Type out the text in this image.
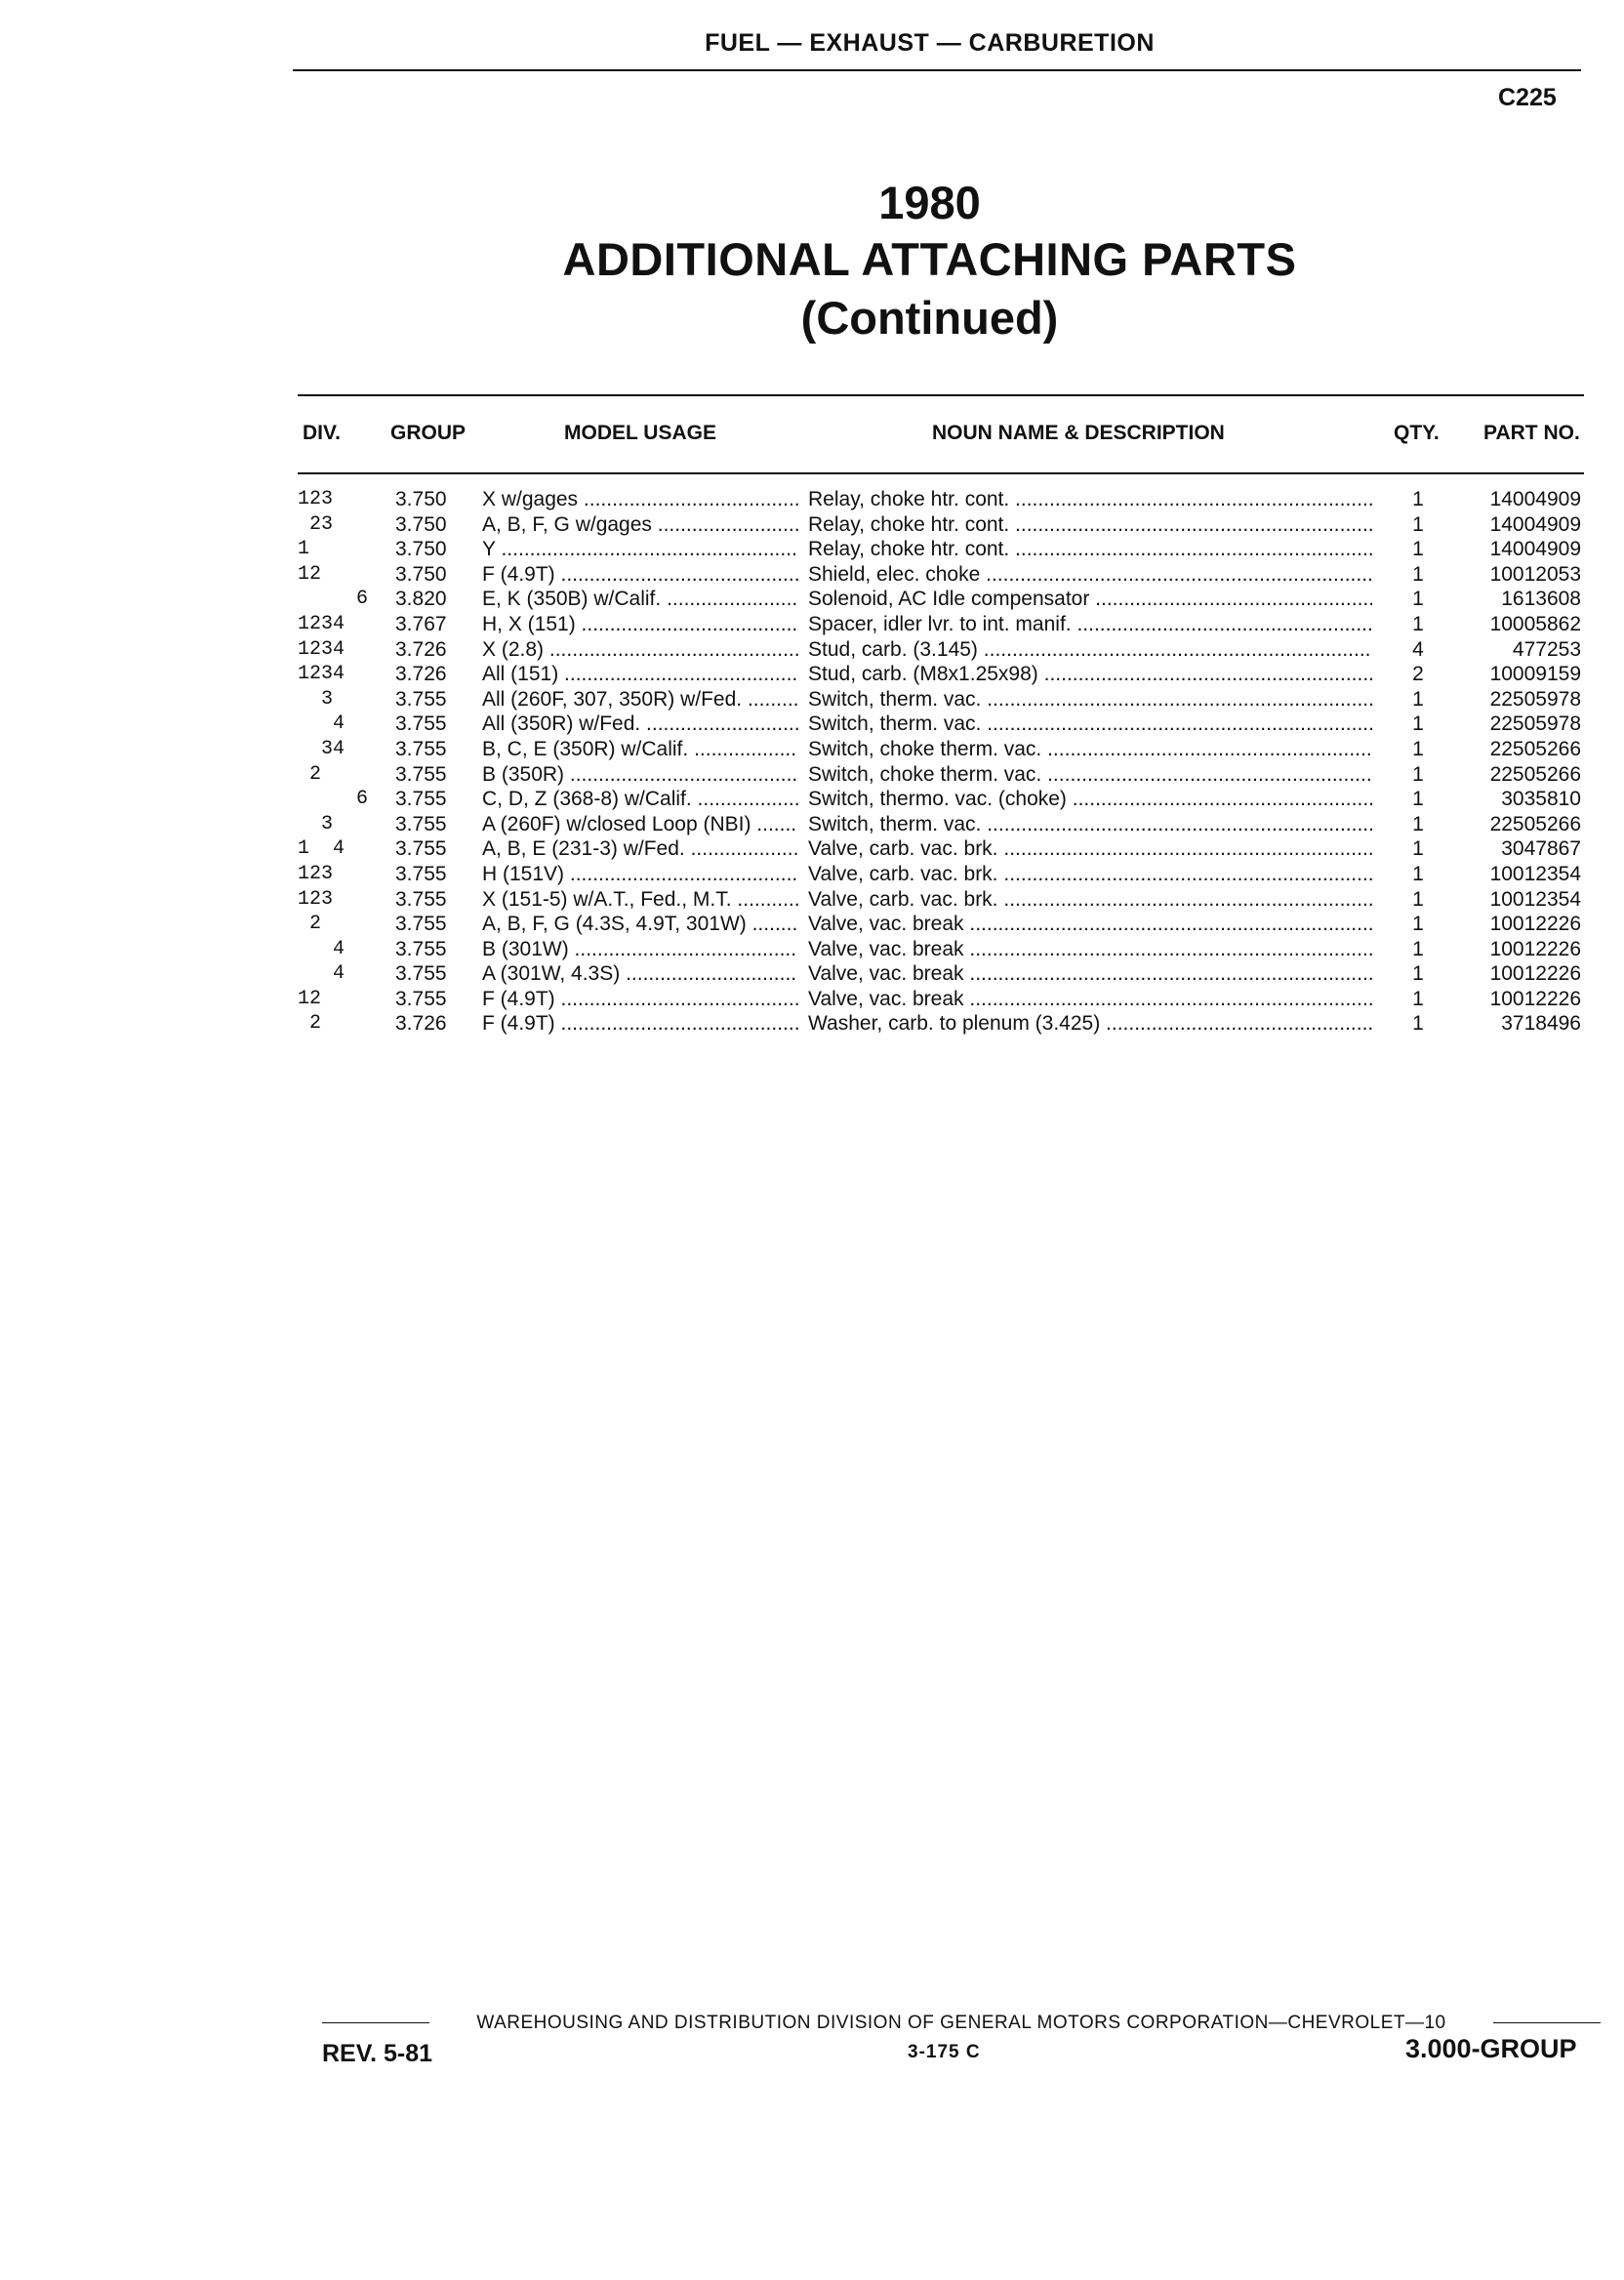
FUEL — EXHAUST — CARBURETION
C225
1980
ADDITIONAL ATTACHING PARTS
(Continued)
DIV. GROUP	MODEL USAGE	NOUN NAME & DESCRIPTION	QTY. PART NO.
123	3.750 X w/gages .....	Relay, choke htr. cont. .....	1	14004909
23	3.750 A, B, F, G w/gages .....	Relay, choke htr. cont. .....	1	14004909
1	3.750 Y .....	Relay, choke htr. cont. .....	1	14004909
12	3.750 F (4.9T) .....	Shield, elec. choke .....	1	10012053
6 3.820 E, K (350B) w/Calif. .....	Solenoid, AC Idle compensator .....	1	1613608
1234	3.767 H, X (151) .....	Spacer, idler lvr. to int. manif. .....	1	10005862
1234	3.726 X (2.8) .....	Stud, carb. (3.145) .....	4	477253
1234	3.726 All (151) .....	Stud, carb. (M8x1.25x98) .....	2	10009159
3	3.755 All (260F, 307, 350R) w/Fed. .....	Switch, therm. vac. .....	1	22505978
4	3.755 All (350R) w/Fed. .....	Switch, therm. vac. .....	1	22505978
34	3.755 B, C, E (350R) w/Calif. .....	Switch, choke therm. vac. .....	1	22505266
2	3.755 B (350R) .....	Switch, choke therm. vac. .....	1	22505266
6 3.755 C, D, Z (368-8) w/Calif. .....	Switch, thermo. vac. (choke) .....	1	3035810
3	3.755 A (260F) w/closed Loop (NBI) .....	Switch, therm. vac. .....	1	22505266
1  4	3.755 A, B, E (231-3) w/Fed. .....	Valve, carb. vac. brk. .....	1	3047867
123	3.755 H (151V) .....	Valve, carb. vac. brk. .....	1	10012354
123	3.755 X (151-5) w/A.T., Fed., M.T. .....	Valve, carb. vac. brk. .....	1	10012354
2	3.755 A, B, F, G (4.3S, 4.9T, 301W) .....	Valve, vac. break .....	1	10012226
4	3.755 B (301W) .....	Valve, vac. break .....	1	10012226
4	3.755 A (301W, 4.3S) .....	Valve, vac. break .....	1	10012226
12	3.755 F (4.9T) .....	Valve, vac. break .....	1	10012226
2	3.726 F (4.9T) .....	Washer, carb. to plenum (3.425) .....	1	3718496
WAREHOUSING AND DISTRIBUTION DIVISION OF GENERAL MOTORS CORPORATION—CHEVROLET—10
REV. 5-81	3-175 C	3.000-GROUP
